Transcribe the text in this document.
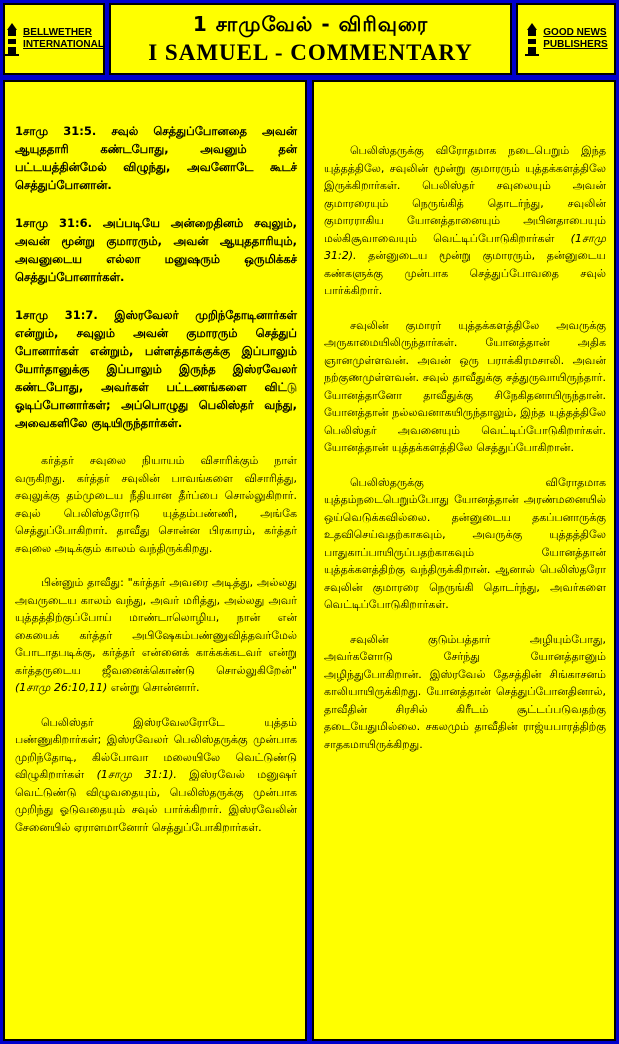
BELLWETHER
INTERNATIONAL
1 சாமுவேல் - விரிவுரை
I SAMUEL - COMMENTARY
GOOD NEWS
PUBLISHERS

1சாமு 31:5. சவுல் செத்துப்போனதை அவன் ஆயுததாரி கண்டபோது, அவனும் தன் பட்டயத்தின்மேல் விழுந்து, அவனோடே கூடச் செத்துப்போனான்.

1சாமு 31:6. அப்படியே அன்றைதினம் சவுலும், அவன் மூன்று குமாரரும், அவன் ஆயுததாரியும், அவனுடைய எல்லா மனுஷரும் ஒருமிக்கச் செத்துப்போனார்கள்.

1சாமு 31:7. இஸ்ரவேலர் முறிந்தோடினார்கள் என்றும், சவுலும் அவன் குமாரரும் செத்துப் போனார்கள் என்றும், பள்ளத்தாக்குக்கு இப்பாலும் யோர்தானுக்கு இப்பாலும் இருந்த இஸ்ரவேலர் கண்டபோது, அவர்கள் பட்டணங்களை விட்டு ஓடிப்போனார்கள்; அப்பொழுது பெலிஸ்தர் வந்து, அவைகளிலே குடியிருந்தார்கள்.

கர்த்தர் சவுலை நியாயம் விசாரிக்கும் நாள் வருகிறது. கர்த்தர் சவுலின் பாவங்களை விசாரித்து, சவுலுக்கு தம்முடைய நீதியான தீர்ப்பை சொல்லுகிறார். சவுல் பெலிஸ்தரோடு யுத்தம்பண்ணி, அங்கே செத்துப்போகிறார். தாவீது சொன்ன பிரகாரம், கர்த்தர் சவுலை அடிக்கும் காலம் வந்திருக்கிறது.

பின்னும் தாவீது: "கர்த்தர் அவரை அடித்து, அல்லது அவருடைய காலம் வந்து, அவர் மரித்து, அல்லது அவர் யுத்தத்திற்குப்போய் மாண்டாலொழிய, நான் என் கையைக் கர்த்தர் அபிஷேகம்பண்ணுவித்தவர்மேல் போடாதபடிக்கு, கர்த்தர் என்னைக் காக்கக்கடவர் என்று கர்த்தருடைய ஜீவனைக்கொண்டு சொல்லுகிறேன்" (1சாமு 26:10,11) என்று சொன்னார்.

பெலிஸ்தர் இஸ்ரவேலரோடே யுத்தம் பண்ணுகிறார்கள்; இஸ்ரவேலர் பெலிஸ்தருக்கு முன்பாக முறிந்தோடி, கில்போவா மலையிலே வெட்டுண்டு விழுகிறார்கள் (1சாமு 31:1). இஸ்ரவேல் மனுஷர் வெட்டுண்டு விழுவதையும், பெலிஸ்தருக்கு முன்பாக முறிந்து ஓடுவதையும் சவுல் பார்க்கிறார். இஸ்ரவேலின் சேனையில் ஏராளமானோர் செத்துப்போகிறார்கள்.

பெலிஸ்தருக்கு விரோதமாக நடைபெறும் இந்த யுத்தத்திலே, சவுலின் மூன்று குமாரரும் யுத்தக்களத்திலே இருக்கிறார்கள். பெலிஸ்தர் சவுலையும் அவன் குமாரரையும் நெருங்கித் தொடர்ந்து, சவுலின் குமாரராகிய யோனத்தானையும் அபினதாபையும் மல்கிசூவாவையும் வெட்டிப்போடுகிறார்கள் (1சாமு 31:2). தன்னுடைய மூன்று குமாரரும், தன்னுடைய கண்களுக்கு முன்பாக செத்துப்போவதை சவுல் பார்க்கிறார்.

சவுலின் குமாரர் யுத்தக்களத்திலே அவருக்கு அருகாமையிலிருந்தார்கள். யோனத்தான் அதிக ஞானமுள்ளவன். அவன் ஒரு பராக்கிரமசாலி. அவன் நற்குணமுள்ளவன். சவுல் தாவீதுக்கு சத்துருவாயிருந்தார். யோனத்தானோ தாவீதுக்கு சிநேகிதனாயிருந்தான். யோனத்தான் நல்லவனாகயிருந்தாலும், இந்த யுத்தத்திலே பெலிஸ்தர் அவனையும் வெட்டிப்போடுகிறார்கள். யோனத்தான் யுத்தக்களத்திலே செத்துப்போகிறான்.

பெலிஸ்தருக்கு விரோதமாக யுத்தம்நடைபெறும்போது யோனத்தான் அரண்மனையில் ஒய்வெடுக்கவில்லை. தன்னுடைய தகப்பனாருக்கு உதவிசெய்வதற்காகவும், அவருக்கு யுத்தத்திலே பாதுகாப்பாயிருப்பதற்காகவும் யோனத்தான் யுத்தக்களத்திற்கு வந்திருக்கிறான். ஆனால் பெலிஸ்தரோ சவுலின் குமாரரை நெருங்கி தொடர்ந்து, அவர்களை வெட்டிப்போடுகிறார்கள்.

சவுலின் குடும்பத்தார் அழியும்போது, அவர்களோடு சேர்ந்து யோனத்தானும் அழிந்துபோகிறான். இஸ்ரவேல் தேசத்தின் சிங்காசனம் காலியாயிருக்கிறது. யோனத்தான் செத்துப்போனதினால், தாவீதின் சிரசில் கிரீடம் சூட்டப்படுவதற்கு தடையேதுமில்லை. சகலமும் தாவீதின் ராஜ்யபாரத்திற்கு சாதகமாயிருக்கிறது.
